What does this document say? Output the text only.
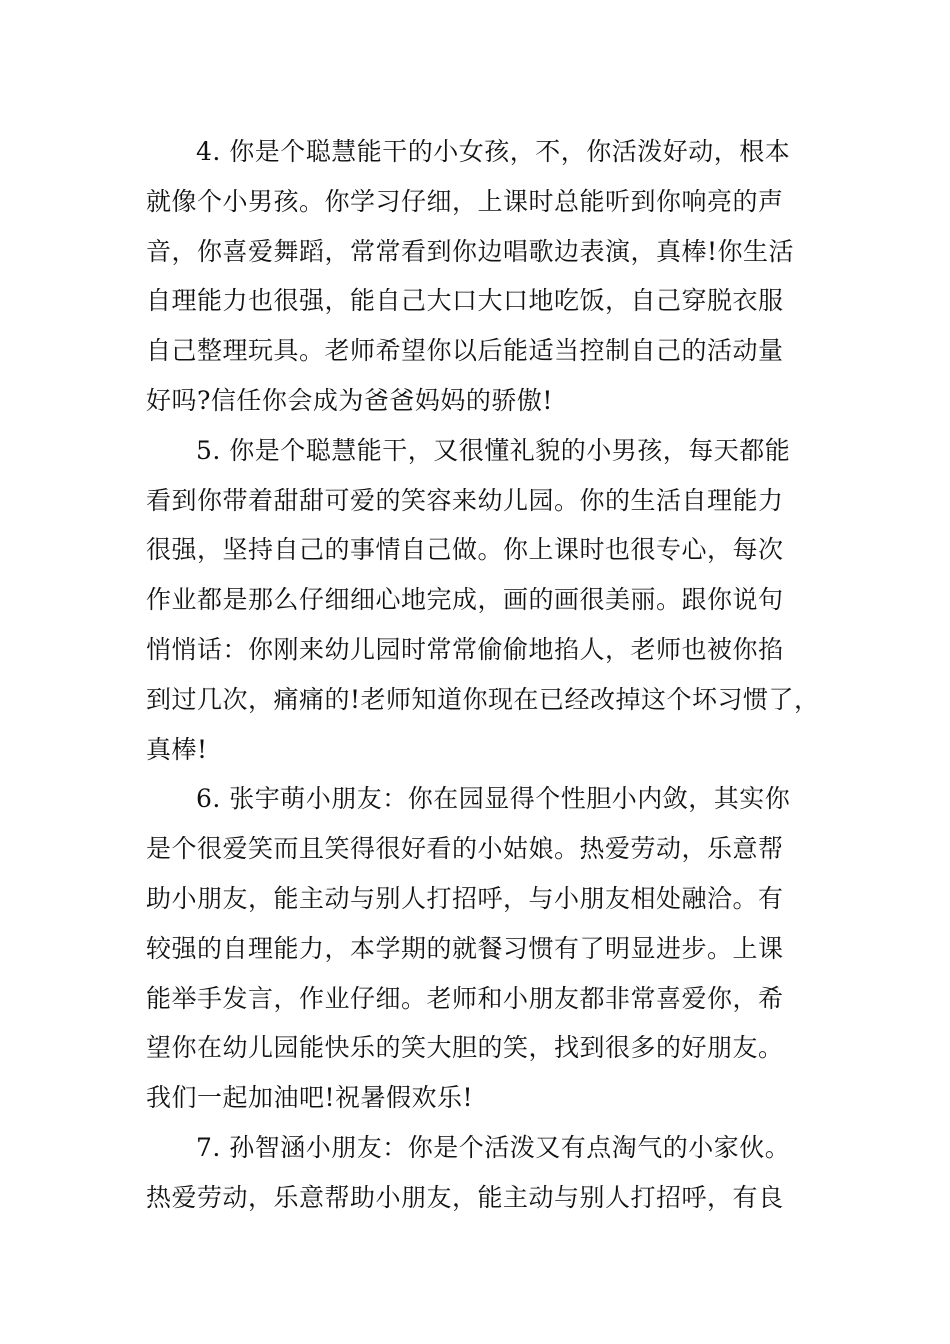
4. 你是个聪慧能干的小女孩，不，你活泼好动，根本
就像个小男孩。你学习仔细，上课时总能听到你响亮的声
音，你喜爱舞蹈，常常看到你边唱歌边表演，真棒!你生活
自理能力也很强，能自己大口大口地吃饭，自己穿脱衣服
自己整理玩具。老师希望你以后能适当控制自己的活动量
好吗?信任你会成为爸爸妈妈的骄傲!
5. 你是个聪慧能干，又很懂礼貌的小男孩，每天都能
看到你带着甜甜可爱的笑容来幼儿园。你的生活自理能力
很强，坚持自己的事情自己做。你上课时也很专心，每次
作业都是那么仔细细心地完成，画的画很美丽。跟你说句
悄悄话：你刚来幼儿园时常常偷偷地掐人，老师也被你掐
到过几次，痛痛的!老师知道你现在已经改掉这个坏习惯了，
真棒!
6. 张宇萌小朋友：你在园显得个性胆小内敛，其实你
是个很爱笑而且笑得很好看的小姑娘。热爱劳动，乐意帮
助小朋友，能主动与别人打招呼，与小朋友相处融洽。有
较强的自理能力，本学期的就餐习惯有了明显进步。上课
能举手发言，作业仔细。老师和小朋友都非常喜爱你，希
望你在幼儿园能快乐的笑大胆的笑，找到很多的好朋友。
我们一起加油吧!祝暑假欢乐!
7. 孙智涵小朋友：你是个活泼又有点淘气的小家伙。
热爱劳动，乐意帮助小朋友，能主动与别人打招呼，有良
